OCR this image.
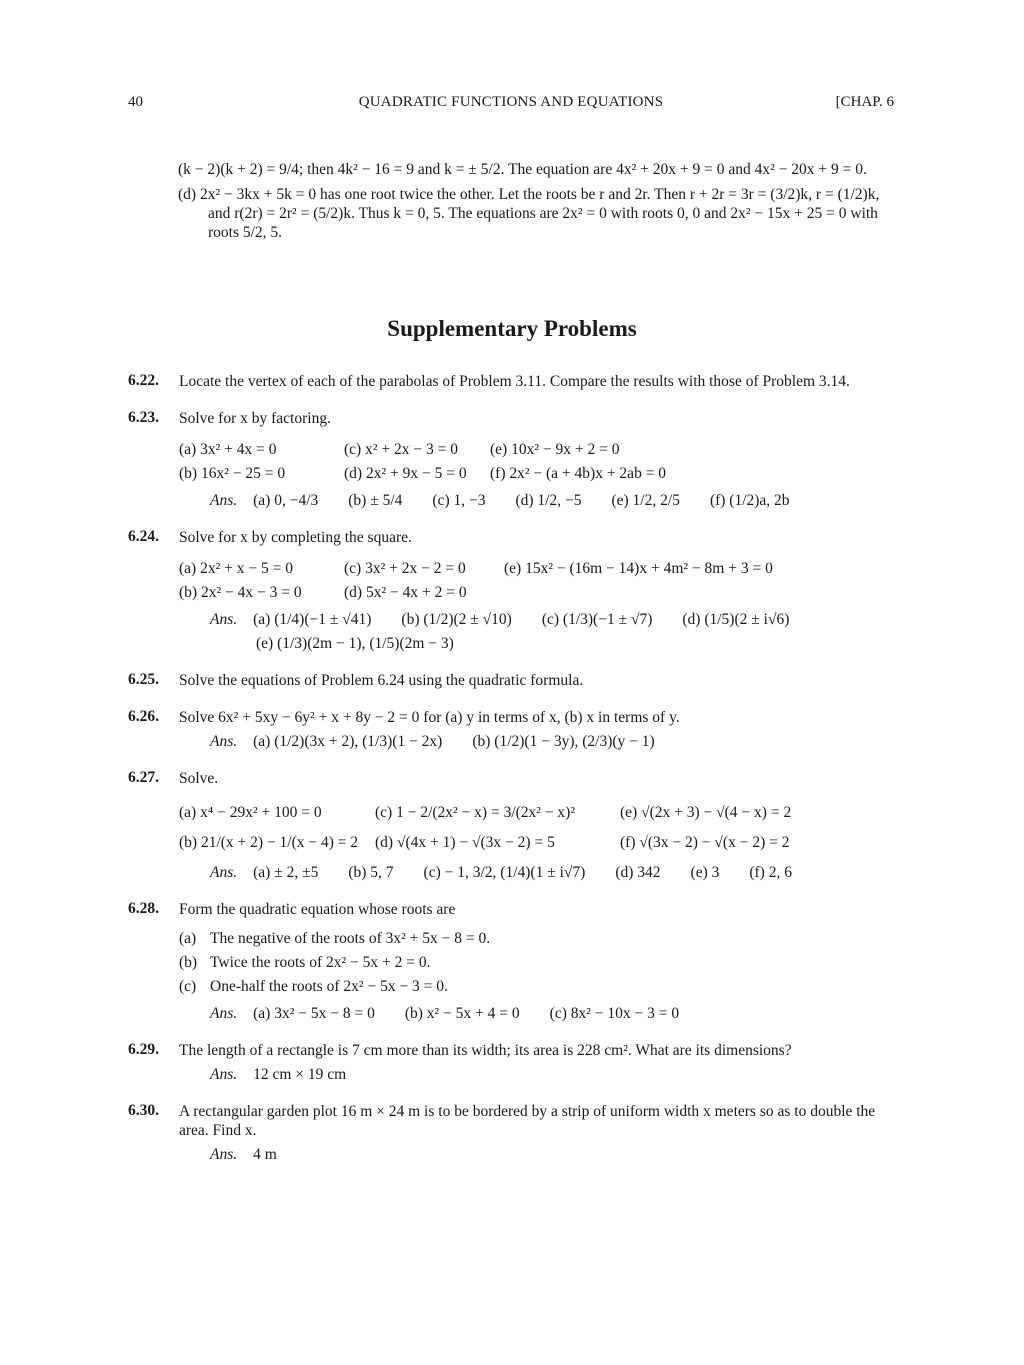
40	QUADRATIC FUNCTIONS AND EQUATIONS	[CHAP. 6

(k − 2)(k + 2) = 9/4; then 4k² − 16 = 9 and k = ± 5/2. The equation are 4x² + 20x + 9 = 0 and 4x² − 20x + 9 = 0.

(d) 2x² − 3kx + 5k = 0 has one root twice the other. Let the roots be r and 2r. Then r + 2r = 3r = (3/2)k, r = (1/2)k, and r(2r) = 2r² = (5/2)k. Thus k = 0, 5. The equations are 2x² = 0 with roots 0, 0 and 2x² − 15x + 25 = 0 with roots 5/2, 5.

Supplementary Problems
6.22. Locate the vertex of each of the parabolas of Problem 3.11. Compare the results with those of Problem 3.14.
6.23. Solve for x by factoring.
(a) 3x² + 4x = 0	(c) x² + 2x − 3 = 0	(e) 10x² − 9x + 2 = 0
(b) 16x² − 25 = 0	(d) 2x² + 9x − 5 = 0	(f) 2x² − (a + 4b)x + 2ab = 0
Ans. (a) 0, −4/3 (b) ± 5/4 (c) 1, −3 (d) 1/2, −5 (e) 1/2, 2/5 (f) (1/2)a, 2b
6.24. Solve for x by completing the square.
(a) 2x² + x − 5 = 0	(c) 3x² + 2x − 2 = 0	(e) 15x² − (16m − 14)x + 4m² − 8m + 3 = 0
(b) 2x² − 4x − 3 = 0	(d) 5x² − 4x + 2 = 0
Ans. (a) (1/4)(−1 ± √41) (b) (1/2)(2 ± √10) (c) (1/3)(−1 ± √7) (d) (1/5)(2 ± i√6)
(e) (1/3)(2m − 1), (1/5)(2m − 3)
6.25. Solve the equations of Problem 6.24 using the quadratic formula.
6.26. Solve 6x² + 5xy − 6y² + x + 8y − 2 = 0 for (a) y in terms of x, (b) x in terms of y.
Ans. (a) (1/2)(3x + 2), (1/3)(1 − 2x) (b) (1/2)(1 − 3y), (2/3)(y − 1)
6.27. Solve.
(a) x⁴ − 29x² + 100 = 0	(c) 1 − 2/(2x² − x) = 3/(2x² − x)²	(e) √(2x + 3) − √(4 − x) = 2
(b) 21/(x + 2) − 1/(x − 4) = 2	(d) √(4x + 1) − √(3x − 2) = 5	(f) √(3x − 2) − √(x − 2) = 2
Ans. (a) ± 2, ±5 (b) 5, 7 (c) − 1, 3/2, (1/4)(1 ± i√7) (d) 342 (e) 3 (f) 2, 6
6.28. Form the quadratic equation whose roots are
(a) The negative of the roots of 3x² + 5x − 8 = 0.
(b) Twice the roots of 2x² − 5x + 2 = 0.
(c) One-half the roots of 2x² − 5x − 3 = 0.
Ans. (a) 3x² − 5x − 8 = 0 (b) x² − 5x + 4 = 0 (c) 8x² − 10x − 3 = 0
6.29. The length of a rectangle is 7 cm more than its width; its area is 228 cm². What are its dimensions?
Ans. 12 cm × 19 cm
6.30. A rectangular garden plot 16 m × 24 m is to be bordered by a strip of uniform width x meters so as to double the area. Find x.
Ans. 4 m
